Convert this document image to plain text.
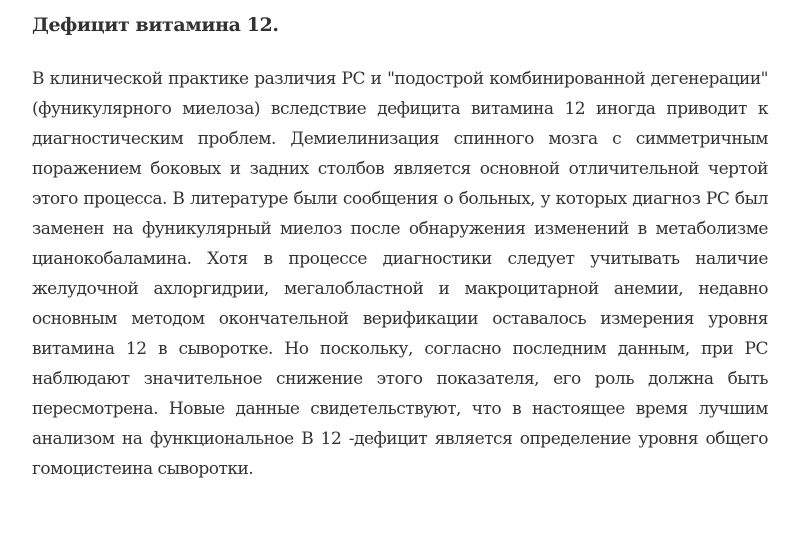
Дефицит витамина 12.

В клинической практике различия РС и "подострой комбинированной дегенерации" (фуникулярного миелоза) вследствие дефицита витамина 12 иногда приводит к диагностическим проблем. Демиелинизация спинного мозга с симметричным поражением боковых и задних столбов является основной отличительной чертой этого процесса. В литературе были сообщения о больных, у которых диагноз РС был заменен на фуникулярный миелоз после обнаружения изменений в метаболизме цианокобаламина. Хотя в процессе диагностики следует учитывать наличие желудочной ахлоргидрии, мегалобластной и макроцитарной анемии, недавно основным методом окончательной верификации оставалось измерения уровня витамина 12 в сыворотке. Но поскольку, согласно последним данным, при РС наблюдают значительное снижение этого показателя, его роль должна быть пересмотрена. Новые данные свидетельствуют, что в настоящее время лучшим анализом на функциональное В 12 -дефицит является определение уровня общего гомоцистеина сыворотки.
